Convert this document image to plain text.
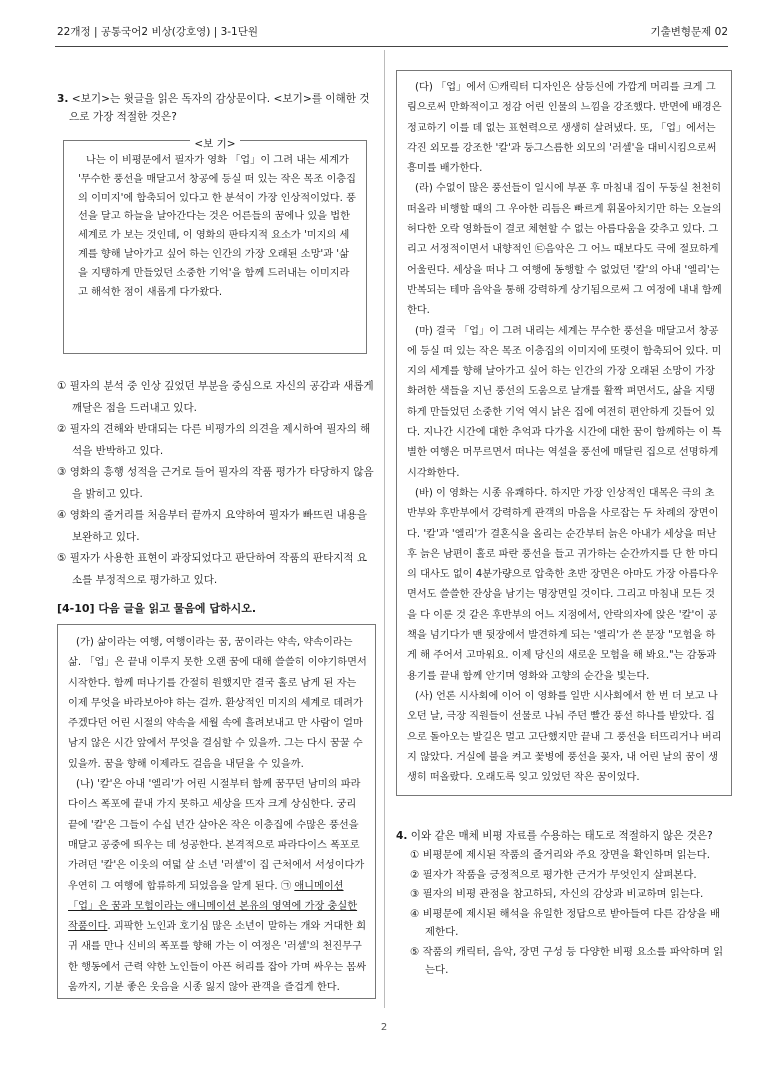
22개정 | 공통국어2 비상(강호영) | 3-1단원	기출변형문제 02
3. <보기>는 윗글을 읽은 독자의 감상문이다. <보기>를 이해한 것으로 가장 적절한 것은?
<보 기>
나는 이 비평문에서 필자가 영화 「업」이 그려 내는 세계가 '무수한 풍선을 매달고서 창공에 등실 떠 있는 작은 목조 이층집의 이미지'에 함축되어 있다고 한 분석이 가장 인상적이었다. 풍선을 달고 하늘을 날아간다는 것은 어른들의 꿈에나 있을 법한 세계로 가 보는 것인데, 이 영화의 판타지적 요소가 '미지의 세계를 향해 날아가고 싶어 하는 인간의 가장 오래된 소망'과 '삶을 지탱하게 만들었던 소중한 기억'을 함께 드러내는 이미지라고 해석한 점이 새롭게 다가왔다.
① 필자의 분석 중 인상 깊었던 부분을 중심으로 자신의 공감과 새롭게 깨달은 점을 드러내고 있다.
② 필자의 견해와 반대되는 다른 비평가의 의견을 제시하여 필자의 해석을 반박하고 있다.
③ 영화의 흥행 성적을 근거로 들어 필자의 작품 평가가 타당하지 않음을 밝히고 있다.
④ 영화의 줄거리를 처음부터 끝까지 요약하여 필자가 빠뜨린 내용을 보완하고 있다.
⑤ 필자가 사용한 표현이 과장되었다고 판단하여 작품의 판타지적 요소를 부정적으로 평가하고 있다.
[4-10] 다음 글을 읽고 물음에 답하시오.

(가) 삶이라는 여행, 여행이라는 꿈, 꿈이라는 약속, 약속이라는 삶. 「업」은 끝내 이루지 못한 오랜 꿈에 대해 쓸쓸히 이야기하면서 시작한다. 함께 떠나기를 간절히 원했지만 결국 홀로 남게 된 자는 이제 무엇을 바라보아야 하는 걸까. 환상적인 미지의 세계로 데려가 주겠다던 어린 시절의 약속을 세월 속에 흘려보내고 만 사람이 얼마 남지 않은 시간 앞에서 무엇을 결심할 수 있을까. 그는 다시 꿈꿀 수 있을까. 꿈을 향해 이제라도 걸음을 내딛을 수 있을까.

(나) '칼'은 아내 '엘리'가 어린 시절부터 함께 꿈꾸던 남미의 파라다이스 폭포에 끝내 가지 못하고 세상을 뜨자 크게 상심한다. 궁리 끝에 '칼'은 그들이 수십 년간 살아온 작은 이층집에 수많은 풍선을 매달고 공중에 띄우는 데 성공한다. 본격적으로 파라다이스 폭포로 가려던 '칼'은 이웃의 여덟 살 소년 '러셀'이 집 근처에서 서성이다가 우연히 그 여행에 합류하게 되었음을 알게 된다. ㉠ 애니메이션 「업」은 꿈과 모험이라는 애니메이션 본유의 영역에 가장 충실한 작품이다. 괴팍한 노인과 호기심 많은 소년이 말하는 개와 거대한 희귀 새를 만나 신비의 폭포를 향해 가는 이 여정은 '러셀'의 천진무구한 행동에서 근력 약한 노인들이 아픈 허리를 잡아 가며 싸우는 몸싸움까지, 기분 좋은 웃음을 시종 잃지 않아 관객을 즐겁게 한다.

(다) 「업」에서 ㉡캐릭터 디자인은 삼등신에 가깝게 머리를 크게 그림으로써 만화적이고 정감 어린 인물의 느낌을 강조했다. 반면에 배경은 정교하기 이를 데 없는 표현력으로 생생히 살려냈다. 또, 「업」에서는 각진 외모를 강조한 '칼'과 둥그스름한 외모의 '러셀'을 대비시킴으로써 흥미를 배가한다.

(라) 수없이 많은 풍선들이 일시에 부푼 후 마침내 집이 두둥실 천천히 떠올라 비행할 때의 그 우아한 리듬은 빠르게 휘몰아치기만 하는 오늘의 허다한 오락 영화들이 결코 체현할 수 없는 아름다움을 갖추고 있다. 그리고 서정적이면서 내향적인 ㉢음악은 그 어느 때보다도 극에 절묘하게 어울린다. 세상을 떠나 그 여행에 동행할 수 없었던 '칼'의 아내 '엘리'는 반복되는 테마 음악을 통해 강력하게 상기됨으로써 그 여정에 내내 함께한다.

(마) 결국 「업」이 그려 내리는 세계는 무수한 풍선을 매달고서 창공에 등실 떠 있는 작은 목조 이층집의 이미지에 또렷이 함축되어 있다. 미지의 세계를 향해 날아가고 싶어 하는 인간의 가장 오래된 소망이 가장 화려한 색들을 지닌 풍선의 도움으로 날개를 활짝 펴면서도, 삶을 지탱하게 만들었던 소중한 기억 역시 낡은 집에 여전히 편안하게 깃들어 있다. 지나간 시간에 대한 추억과 다가올 시간에 대한 꿈이 함께하는 이 특별한 여행은 머무르면서 떠나는 역설을 풍선에 매달린 집으로 선명하게 시각화한다.

(바) 이 영화는 시종 유쾌하다. 하지만 가장 인상적인 대목은 극의 초반부와 후반부에서 강력하게 관객의 마음을 사로잡는 두 차례의 장면이다. '칼'과 '엘리'가 결혼식을 올리는 순간부터 늙은 아내가 세상을 떠난 후 늙은 남편이 홀로 파란 풍선을 들고 귀가하는 순간까지를 단 한 마디의 대사도 없이 4분가량으로 압축한 초반 장면은 아마도 가장 아름다우면서도 쓸쓸한 잔상을 남기는 명장면일 것이다. 그리고 마침내 모든 것을 다 이룬 것 같은 후반부의 어느 지점에서, 안락의자에 앉은 '칼'이 공책을 넘기다가 맨 뒷장에서 발견하게 되는 '엘리'가 쓴 문장 "모험을 하게 해 주어서 고마워요. 이제 당신의 새로운 모험을 해 봐요."는 감동과 용기를 끝내 함께 안기며 영화와 고향의 순간을 빛는다.

(사) 언론 시사회에 이어 이 영화를 일반 시사회에서 한 번 더 보고 나오던 날, 극장 직원들이 선물로 나눠 주던 빨간 풍선 하나를 받았다. 집으로 돌아오는 발길은 멀고 고단했지만 끝내 그 풍선을 터뜨리거나 버리지 않았다. 거실에 불을 켜고 꽃병에 풍선을 꽂자, 내 어린 날의 꿈이 생생히 떠올랐다. 오래도록 잊고 있었던 작은 꿈이었다.

4. 이와 같은 매체 비평 자료를 수용하는 태도로 적절하지 않은 것은?
① 비평문에 제시된 작품의 줄거리와 주요 장면을 확인하며 읽는다.
② 필자가 작품을 긍정적으로 평가한 근거가 무엇인지 살펴본다.
③ 필자의 비평 관점을 참고하되, 자신의 감상과 비교하며 읽는다.
④ 비평문에 제시된 해석을 유일한 정답으로 받아들여 다른 감상을 배제한다.
⑤ 작품의 캐릭터, 음악, 장면 구성 등 다양한 비평 요소를 파악하며 읽는다.
2
